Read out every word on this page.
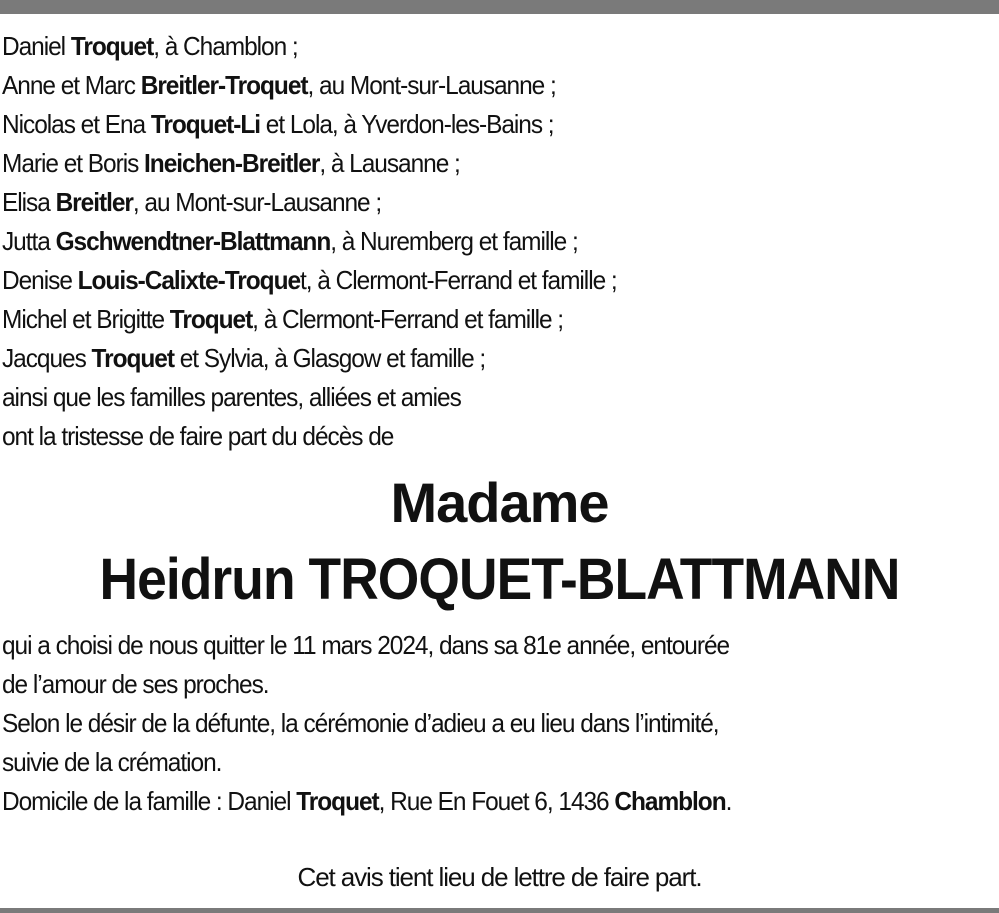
Daniel Troquet, à Chamblon ;
Anne et Marc Breitler-Troquet, au Mont-sur-Lausanne ;
Nicolas et Ena Troquet-Li et Lola, à Yverdon-les-Bains ;
Marie et Boris Ineichen-Breitler, à Lausanne ;
Elisa Breitler, au Mont-sur-Lausanne ;
Jutta Gschwendtner-Blattmann, à Nuremberg et famille ;
Denise Louis-Calixte-Troquet, à Clermont-Ferrand et famille ;
Michel et Brigitte Troquet, à Clermont-Ferrand et famille ;
Jacques Troquet et Sylvia, à Glasgow et famille ;
ainsi que les familles parentes, alliées et amies
ont la tristesse de faire part du décès de
Madame
Heidrun TROQUET-BLATTMANN
qui a choisi de nous quitter le 11 mars 2024, dans sa 81e année, entourée
de l’amour de ses proches.
Selon le désir de la défunte, la cérémonie d’adieu a eu lieu dans l’intimité,
suivie de la crémation.
Domicile de la famille : Daniel Troquet, Rue En Fouet 6, 1436 Chamblon.
Cet avis tient lieu de lettre de faire part.
